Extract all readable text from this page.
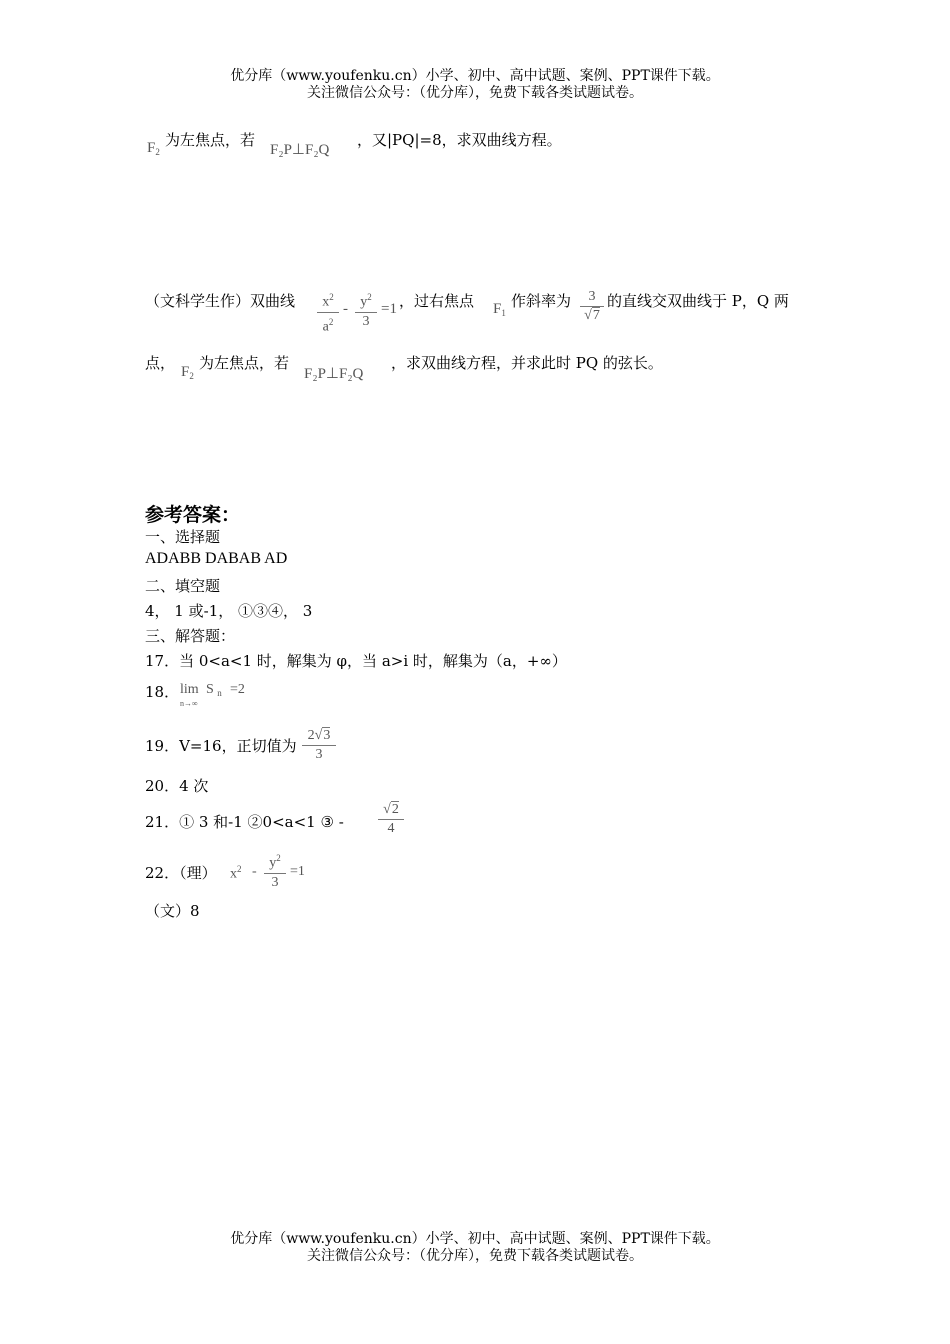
优分库（www.youfenku.cn）小学、初中、高中试题、案例、PPT课件下载。
关注微信公众号：（优分库），免费下载各类试题试卷。
$F_2$
为左焦点，若
F₂P⊥F₂Q
，又|PQ|=8，求双曲线方程。
（文科学生作）双曲线 $\frac{x^2}{a^2} - \frac{y^2}{3} =1$ ，过右焦点 $F_1$
作斜率为 $\frac{3}{√7}$ 的直线交双曲线于 P，Q 两
点， $F_2$
为左焦点，若
F₂P⊥F₂Q
，求双曲线方程，并求此时 PQ 的弦长。
参考答案：
一、选择题
ADABB DABAB AD
二、填空题
4， 1 或-1， ①③④， 3
三、解答题：
17．当 0<a<1 时，解集为 φ，当 a>i 时，解集为（a，+∞）
18． lim
n→∞
S $_n$ =2
19．V=16，正切值为 $\frac{2√3}{3}$
20．4 次
21．① 3 和-1 ②0<a<1 ③ - $\frac{√2}{4}$
22．（理） $x^2 - \frac{y^2}{3} =1$
（文）8
优分库（www.youfenku.cn）小学、初中、高中试题、案例、PPT课件下载。
关注微信公众号：（优分库），免费下载各类试题试卷。
